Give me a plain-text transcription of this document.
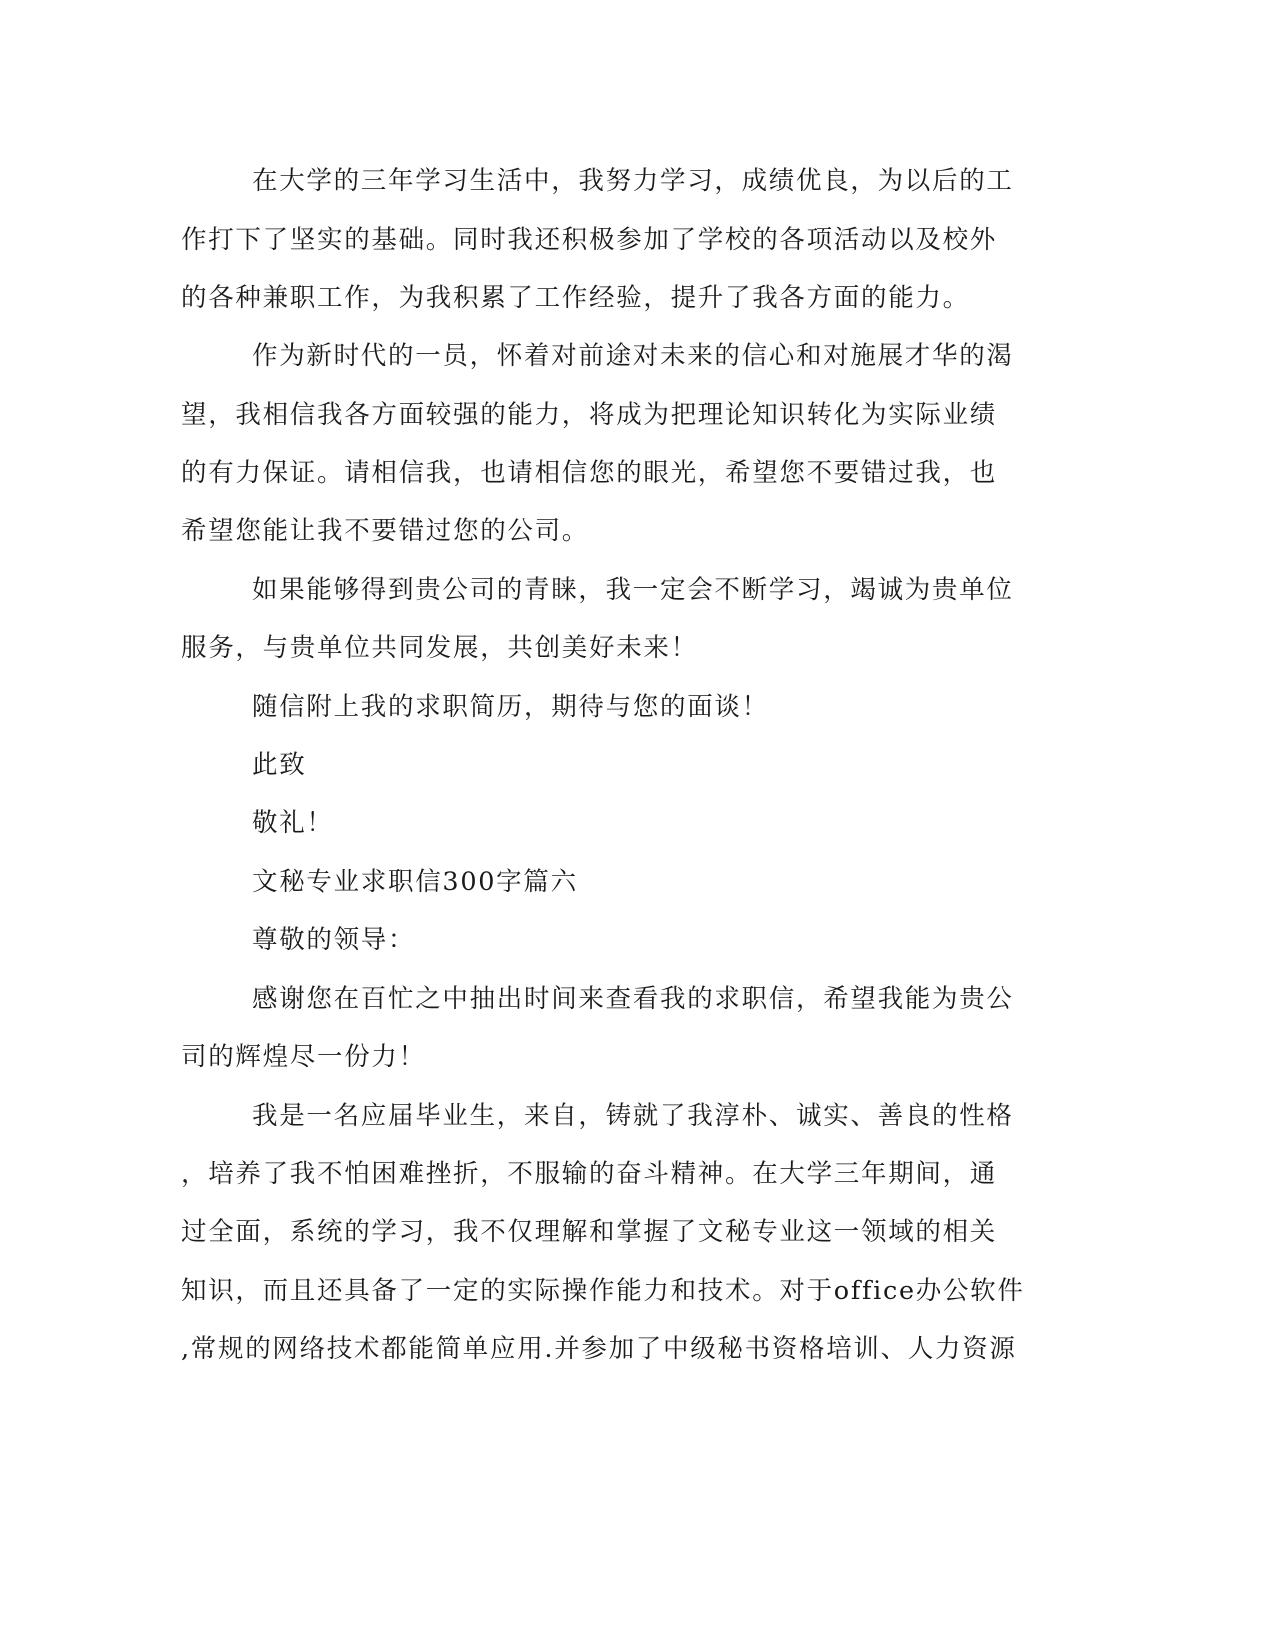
在大学的三年学习生活中，我努力学习，成绩优良，为以后的工
作打下了坚实的基础。同时我还积极参加了学校的各项活动以及校外
的各种兼职工作，为我积累了工作经验，提升了我各方面的能力。
作为新时代的一员，怀着对前途对未来的信心和对施展才华的渴
望，我相信我各方面较强的能力，将成为把理论知识转化为实际业绩
的有力保证。请相信我，也请相信您的眼光，希望您不要错过我，也
希望您能让我不要错过您的公司。
如果能够得到贵公司的青睐，我一定会不断学习，竭诚为贵单位
服务，与贵单位共同发展，共创美好未来！
随信附上我的求职简历，期待与您的面谈！
此致
敬礼！
文秘专业求职信300字篇六
尊敬的领导：
感谢您在百忙之中抽出时间来查看我的求职信，希望我能为贵公
司的辉煌尽一份力！
我是一名应届毕业生，来自，铸就了我淳朴、诚实、善良的性格
，培养了我不怕困难挫折，不服输的奋斗精神。在大学三年期间，通
过全面，系统的学习，我不仅理解和掌握了文秘专业这一领域的相关
知识，而且还具备了一定的实际操作能力和技术。对于office办公软件
,常规的网络技术都能简单应用.并参加了中级秘书资格培训、人力资源
